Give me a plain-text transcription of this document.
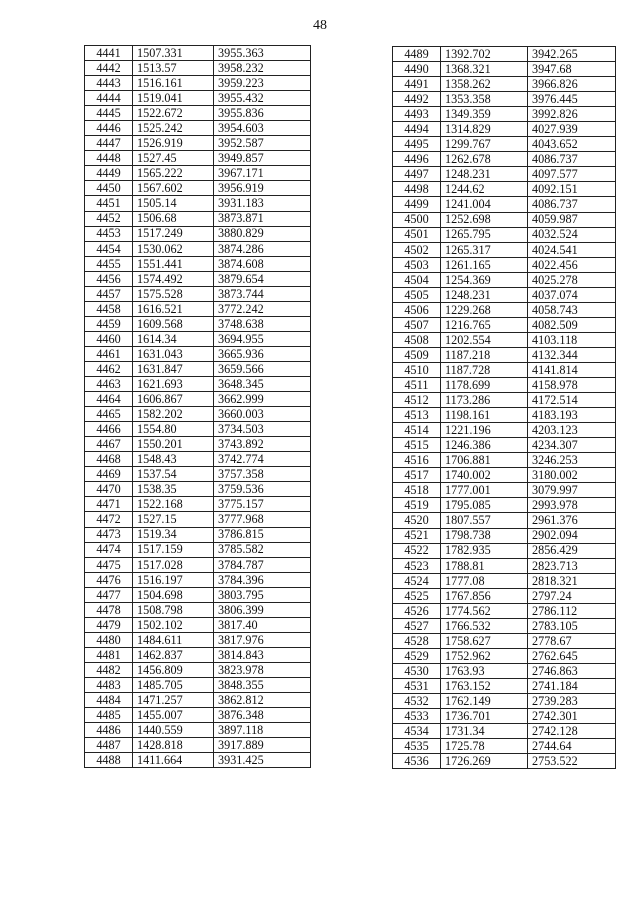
48
4441	1507.331	3955.363
4442	1513.57	3958.232
4443	1516.161	3959.223
4444	1519.041	3955.432
4445	1522.672	3955.836
4446	1525.242	3954.603
4447	1526.919	3952.587
4448	1527.45	3949.857
4449	1565.222	3967.171
4450	1567.602	3956.919
4451	1505.14	3931.183
4452	1506.68	3873.871
4453	1517.249	3880.829
4454	1530.062	3874.286
4455	1551.441	3874.608
4456	1574.492	3879.654
4457	1575.528	3873.744
4458	1616.521	3772.242
4459	1609.568	3748.638
4460	1614.34	3694.955
4461	1631.043	3665.936
4462	1631.847	3659.566
4463	1621.693	3648.345
4464	1606.867	3662.999
4465	1582.202	3660.003
4466	1554.80	3734.503
4467	1550.201	3743.892
4468	1548.43	3742.774
4469	1537.54	3757.358
4470	1538.35	3759.536
4471	1522.168	3775.157
4472	1527.15	3777.968
4473	1519.34	3786.815
4474	1517.159	3785.582
4475	1517.028	3784.787
4476	1516.197	3784.396
4477	1504.698	3803.795
4478	1508.798	3806.399
4479	1502.102	3817.40
4480	1484.611	3817.976
4481	1462.837	3814.843
4482	1456.809	3823.978
4483	1485.705	3848.355
4484	1471.257	3862.812
4485	1455.007	3876.348
4486	1440.559	3897.118
4487	1428.818	3917.889
4488	1411.664	3931.425
4489	1392.702	3942.265
4490	1368.321	3947.68
4491	1358.262	3966.826
4492	1353.358	3976.445
4493	1349.359	3992.826
4494	1314.829	4027.939
4495	1299.767	4043.652
4496	1262.678	4086.737
4497	1248.231	4097.577
4498	1244.62	4092.151
4499	1241.004	4086.737
4500	1252.698	4059.987
4501	1265.795	4032.524
4502	1265.317	4024.541
4503	1261.165	4022.456
4504	1254.369	4025.278
4505	1248.231	4037.074
4506	1229.268	4058.743
4507	1216.765	4082.509
4508	1202.554	4103.118
4509	1187.218	4132.344
4510	1187.728	4141.814
4511	1178.699	4158.978
4512	1173.286	4172.514
4513	1198.161	4183.193
4514	1221.196	4203.123
4515	1246.386	4234.307
4516	1706.881	3246.253
4517	1740.002	3180.002
4518	1777.001	3079.997
4519	1795.085	2993.978
4520	1807.557	2961.376
4521	1798.738	2902.094
4522	1782.935	2856.429
4523	1788.81	2823.713
4524	1777.08	2818.321
4525	1767.856	2797.24
4526	1774.562	2786.112
4527	1766.532	2783.105
4528	1758.627	2778.67
4529	1752.962	2762.645
4530	1763.93	2746.863
4531	1763.152	2741.184
4532	1762.149	2739.283
4533	1736.701	2742.301
4534	1731.34	2742.128
4535	1725.78	2744.64
4536	1726.269	2753.522
